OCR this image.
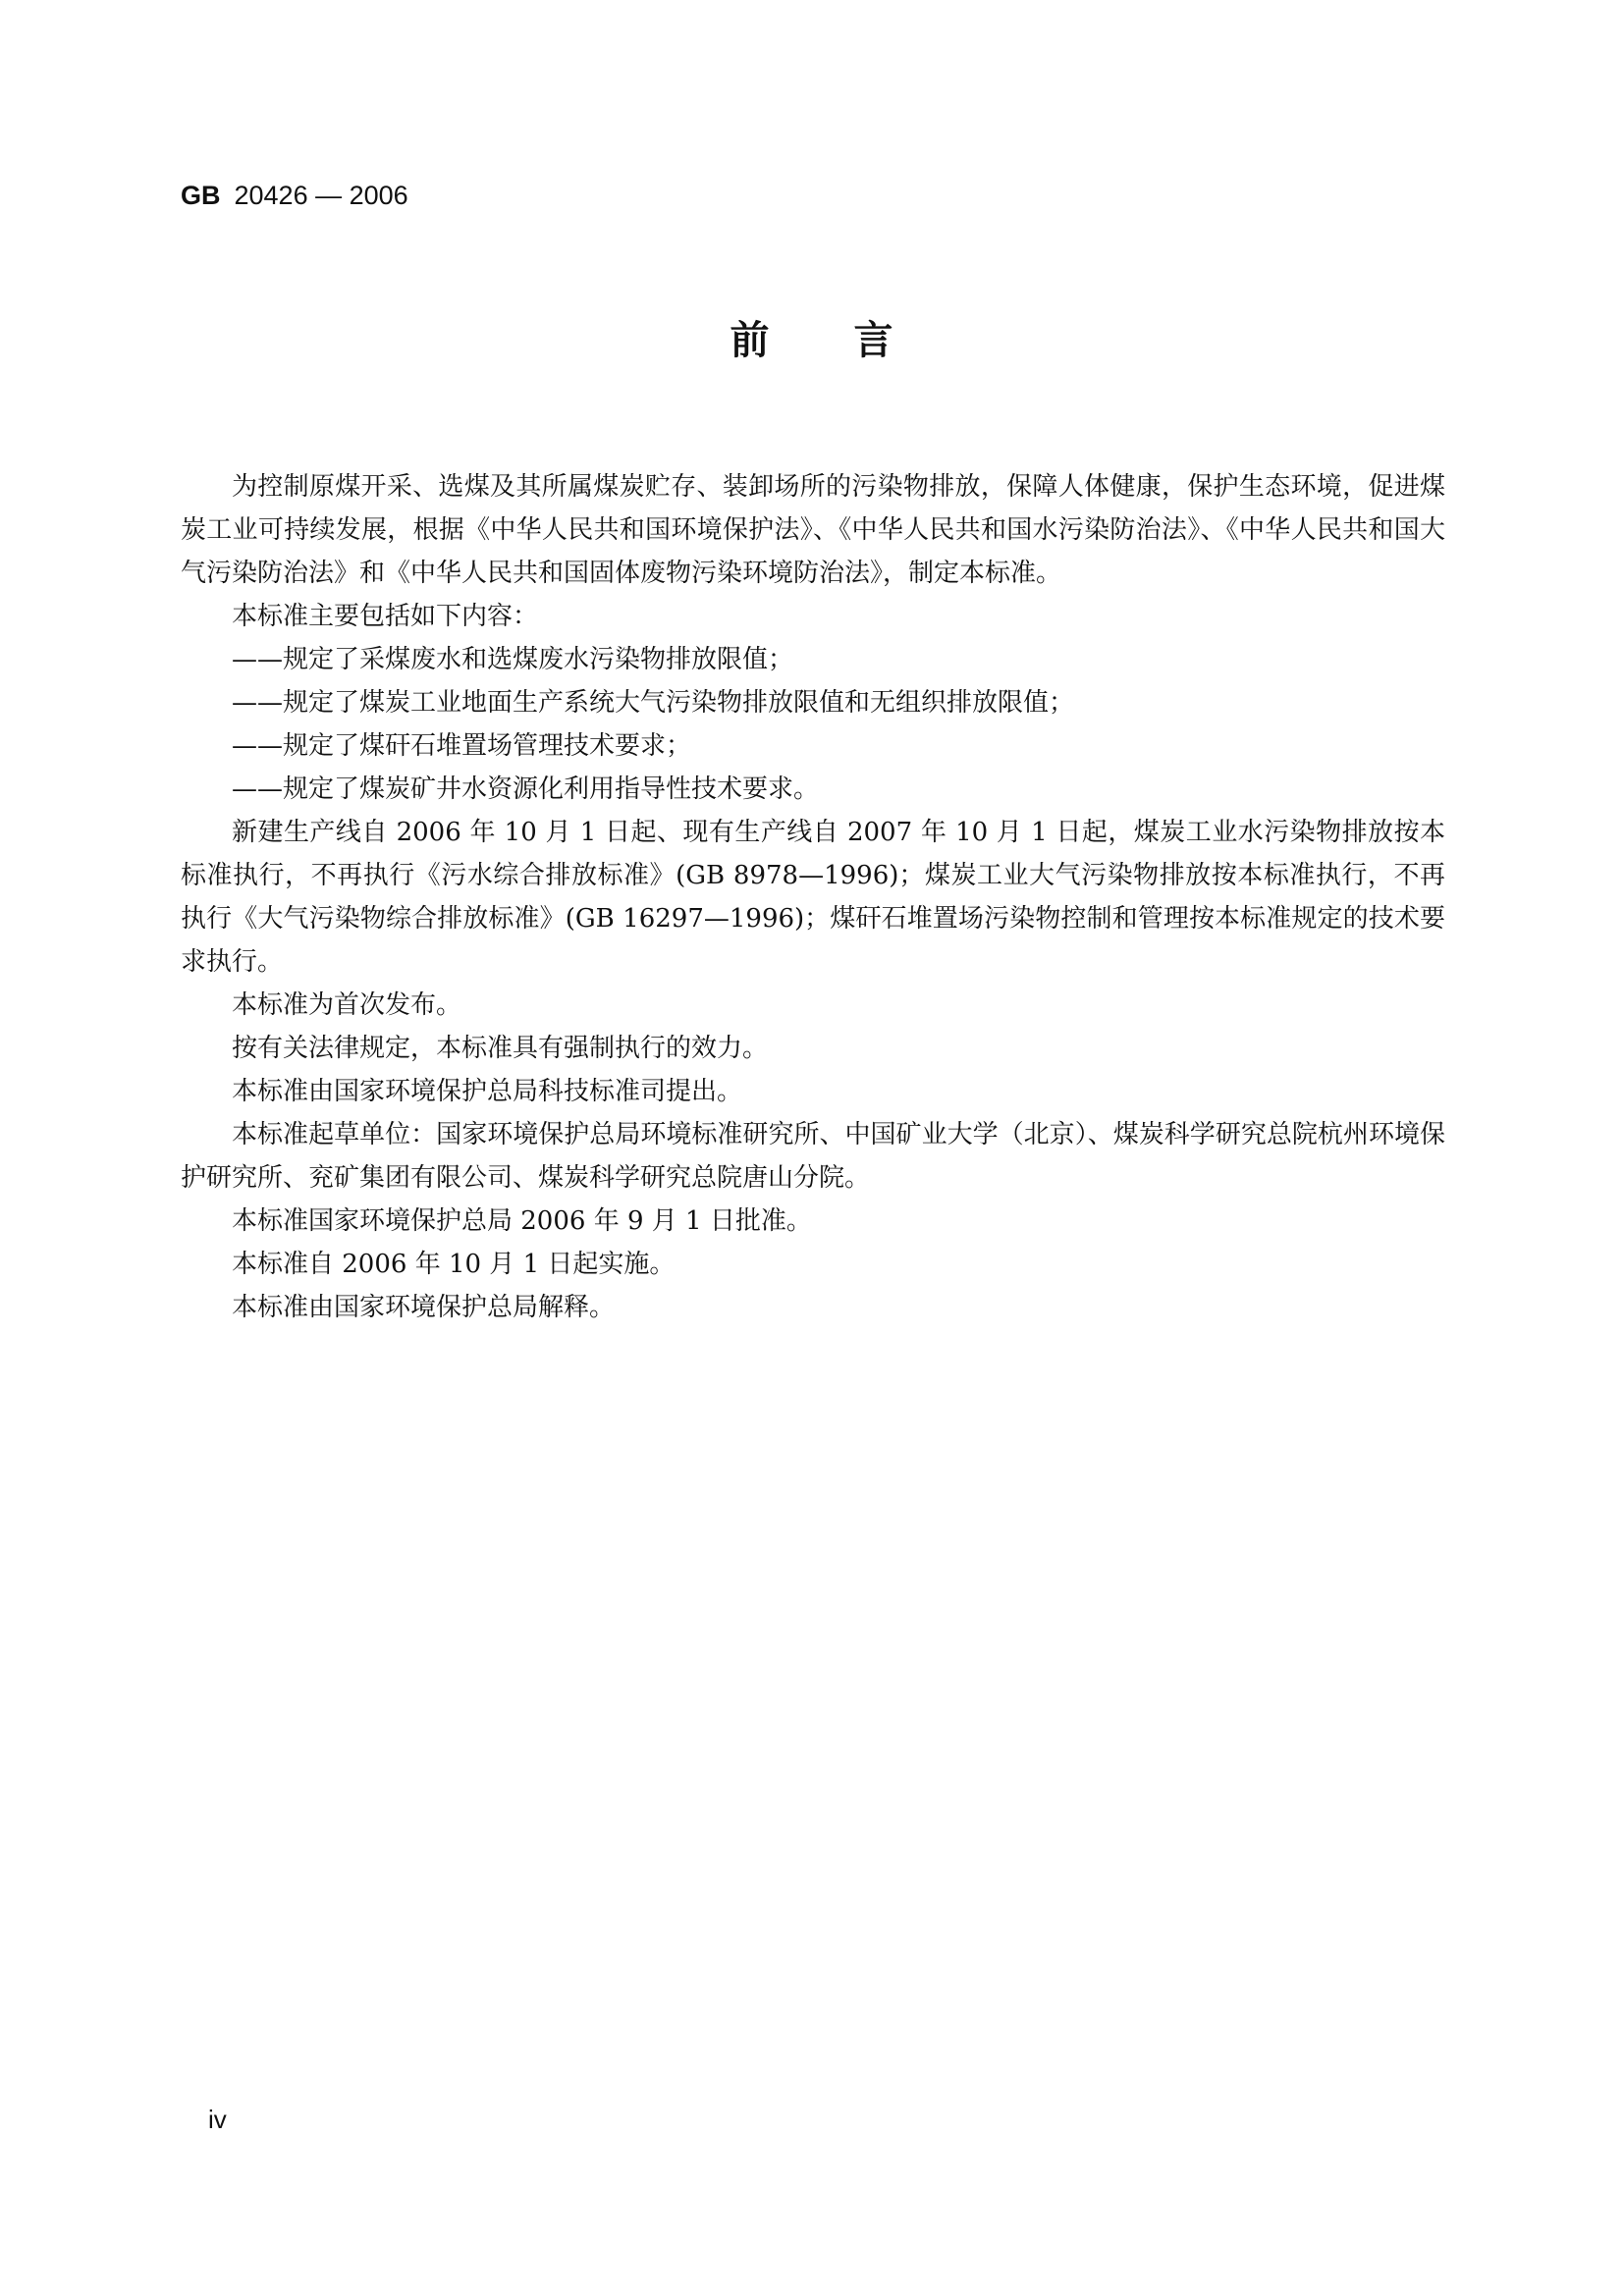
GB 20426 — 2006
前言

为控制原煤开采、选煤及其所属煤炭贮存、装卸场所的污染物排放，保障人体健康，保护生态环境，促进煤炭工业可持续发展，根据《中华人民共和国环境保护法》、《中华人民共和国水污染防治法》、《中华人民共和国大气污染防治法》和《中华人民共和国固体废物污染环境防治法》，制定本标准。

本标准主要包括如下内容：

——规定了采煤废水和选煤废水污染物排放限值；

——规定了煤炭工业地面生产系统大气污染物排放限值和无组织排放限值；

——规定了煤矸石堆置场管理技术要求；

——规定了煤炭矿井水资源化利用指导性技术要求。

新建生产线自 2006 年 10 月 1 日起、现有生产线自 2007 年 10 月 1 日起，煤炭工业水污染物排放按本标准执行，不再执行《污水综合排放标准》(GB 8978—1996)；煤炭工业大气污染物排放按本标准执行，不再执行《大气污染物综合排放标准》(GB 16297—1996)；煤矸石堆置场污染物控制和管理按本标准规定的技术要求执行。

本标准为首次发布。

按有关法律规定，本标准具有强制执行的效力。

本标准由国家环境保护总局科技标准司提出。

本标准起草单位：国家环境保护总局环境标准研究所、中国矿业大学（北京）、煤炭科学研究总院杭州环境保护研究所、兖矿集团有限公司、煤炭科学研究总院唐山分院。

本标准国家环境保护总局 2006 年 9 月 1 日批准。

本标准自 2006 年 10 月 1 日起实施。

本标准由国家环境保护总局解释。

iv
